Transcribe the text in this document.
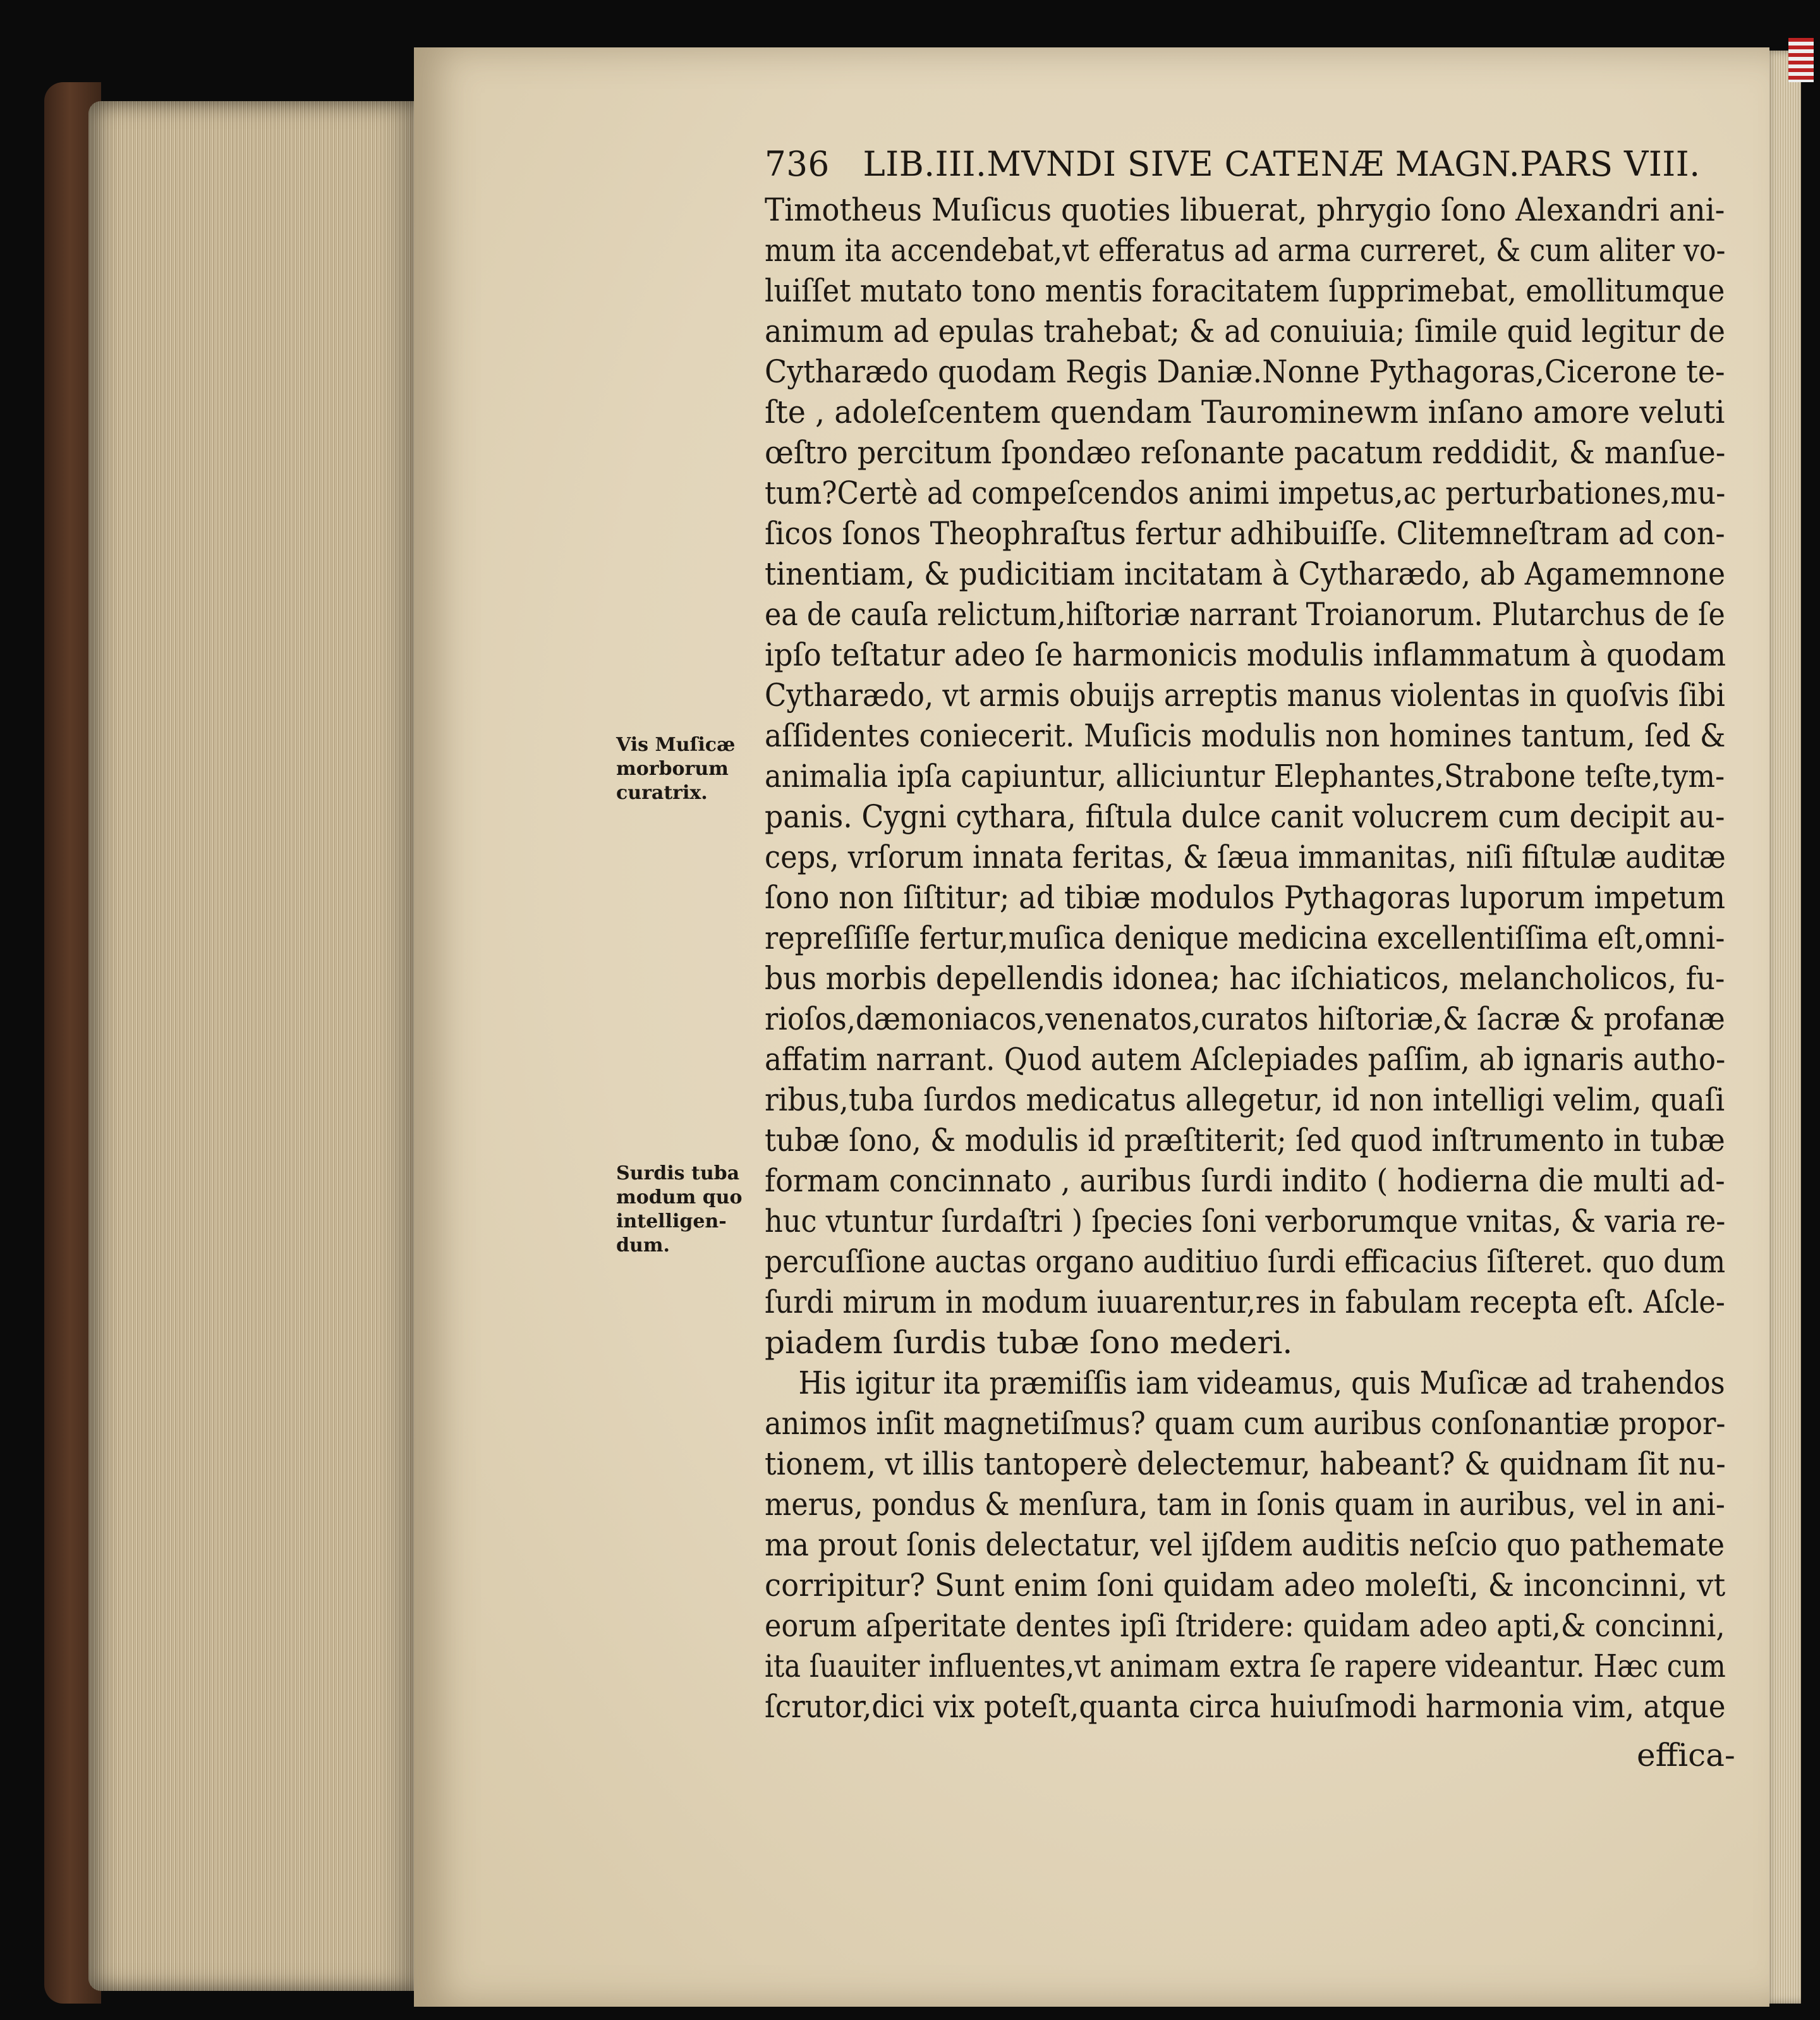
736 LIB.III.MVNDI SIVE CATENÆ MAGN.PARS VIII.
Timotheus Muſicus quoties libuerat, phrygio ſono Alexandri ani-
mum ita accendebat,vt efferatus ad arma curreret, & cum aliter vo-
luiſſet mutato tono mentis foracitatem ſupprimebat, emollitumque
animum ad epulas trahebat; & ad conuiuia; ſimile quid legitur de
Cytharædo quodam Regis Daniæ.Nonne Pythagoras,Cicerone te-
ſte , adoleſcentem quendam Taurominewm inſano amore veluti
œſtro percitum ſpondæo reſonante pacatum reddidit, & manſue-
tum?Certè ad compeſcendos animi impetus,ac perturbationes,mu-
ſicos ſonos Theophraſtus fertur adhibuiſſe. Clitemneſtram ad con-
tinentiam, & pudicitiam incitatam à Cytharædo, ab Agamemnone
ea de cauſa relictum,hiſtoriæ narrant Troianorum. Plutarchus de ſe
ipſo teſtatur adeo ſe harmonicis modulis inflammatum à quodam
Cytharædo, vt armis obuijs arreptis manus violentas in quoſvis ſibi
aſſidentes coniecerit. Muſicis modulis non homines tantum, ſed &
animalia ipſa capiuntur, alliciuntur Elephantes,Strabone teſte,tym-
panis. Cygni cythara, fiſtula dulce canit volucrem cum decipit au-
ceps, vrſorum innata feritas, & ſæua immanitas, niſi fiſtulæ auditæ
ſono non ſiſtitur; ad tibiæ modulos Pythagoras luporum impetum
repreſſiſſe fertur,muſica denique medicina excellentiſſima eſt,omni-
bus morbis depellendis idonea; hac iſchiaticos, melancholicos, fu-
rioſos,dæmoniacos,venenatos,curatos hiſtoriæ,& ſacræ & profanæ
affatim narrant. Quod autem Aſclepiades paſſim, ab ignaris autho-
ribus,tuba ſurdos medicatus allegetur, id non intelligi velim, quaſi
tubæ ſono, & modulis id præſtiterit; ſed quod inſtrumento in tubæ
formam concinnato , auribus ſurdi indito ( hodierna die multi ad-
huc vtuntur ſurdaſtri ) ſpecies ſoni verborumque vnitas, & varia re-
percuſſione auctas organo auditiuo ſurdi efficacius ſiſteret. quo dum
ſurdi mirum in modum iuuarentur,res in fabulam recepta eſt. Aſcle-
piadem ſurdis tubæ ſono mederi.
His igitur ita præmiſſis iam videamus, quis Muſicæ ad trahendos
animos inſit magnetiſmus? quam cum auribus conſonantiæ propor-
tionem, vt illis tantoperè delectemur, habeant? & quidnam ſit nu-
merus, pondus & menſura, tam in ſonis quam in auribus, vel in ani-
ma prout ſonis delectatur, vel ijſdem auditis neſcio quo pathemate
corripitur? Sunt enim ſoni quidam adeo moleſti, & inconcinni, vt
eorum aſperitate dentes ipſi ſtridere: quidam adeo apti,& concinni,
ita ſuauiter influentes,vt animam extra ſe rapere videantur. Hæc cum
ſcrutor,dici vix poteſt,quanta circa huiuſmodi harmonia vim, atque
effica-
Vis Muſicæ
morborum
curatrix.
Surdis tuba
modum quo
intelligen-
dum.
